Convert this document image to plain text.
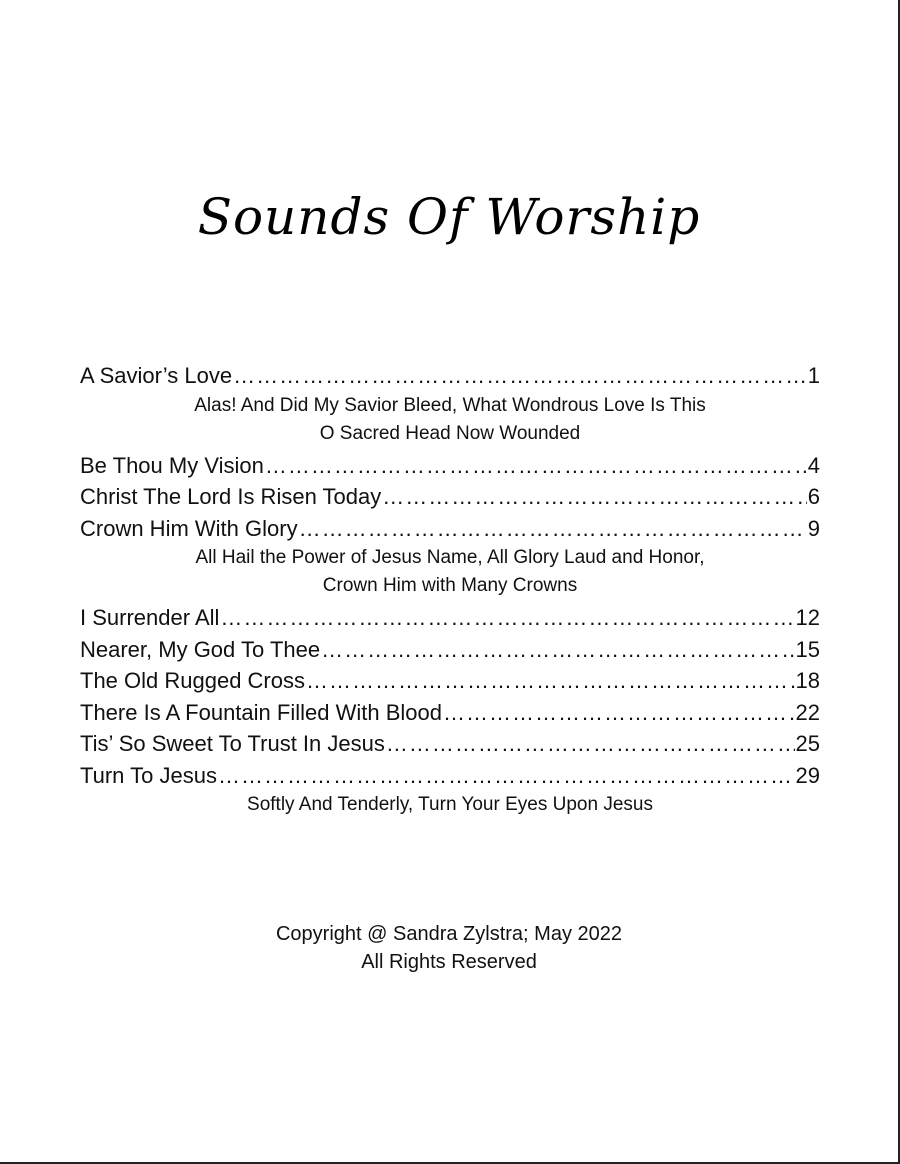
Sounds Of Worship
A Savior’s Love ………………………………………………………………………………………………………………………………………………………	1
Alas! And Did My Savior Bleed, What Wondrous Love Is This
O Sacred Head Now Wounded
Be Thou My Vision ………………………………………………………………………………………………………………………………………………………	4
Christ The Lord Is Risen Today ………………………………………………………………………………………………………………………………………………………	6
Crown Him With Glory ………………………………………………………………………………………………………………………………………………………	9
All Hail the Power of Jesus Name, All Glory Laud and Honor,
Crown Him with Many Crowns
I Surrender All ………………………………………………………………………………………………………………………………………………………	12
Nearer, My God To Thee ………………………………………………………………………………………………………………………………………………………	15
The Old Rugged Cross ………………………………………………………………………………………………………………………………………………………	18
There Is A Fountain Filled With Blood ………………………………………………………………………………………………………………………………………………………	22
Tis’ So Sweet To Trust In Jesus ………………………………………………………………………………………………………………………………………………………	25
Turn To Jesus ………………………………………………………………………………………………………………………………………………………	29
Softly And Tenderly, Turn Your Eyes Upon Jesus
Copyright @ Sandra Zylstra; May 2022
All Rights Reserved
